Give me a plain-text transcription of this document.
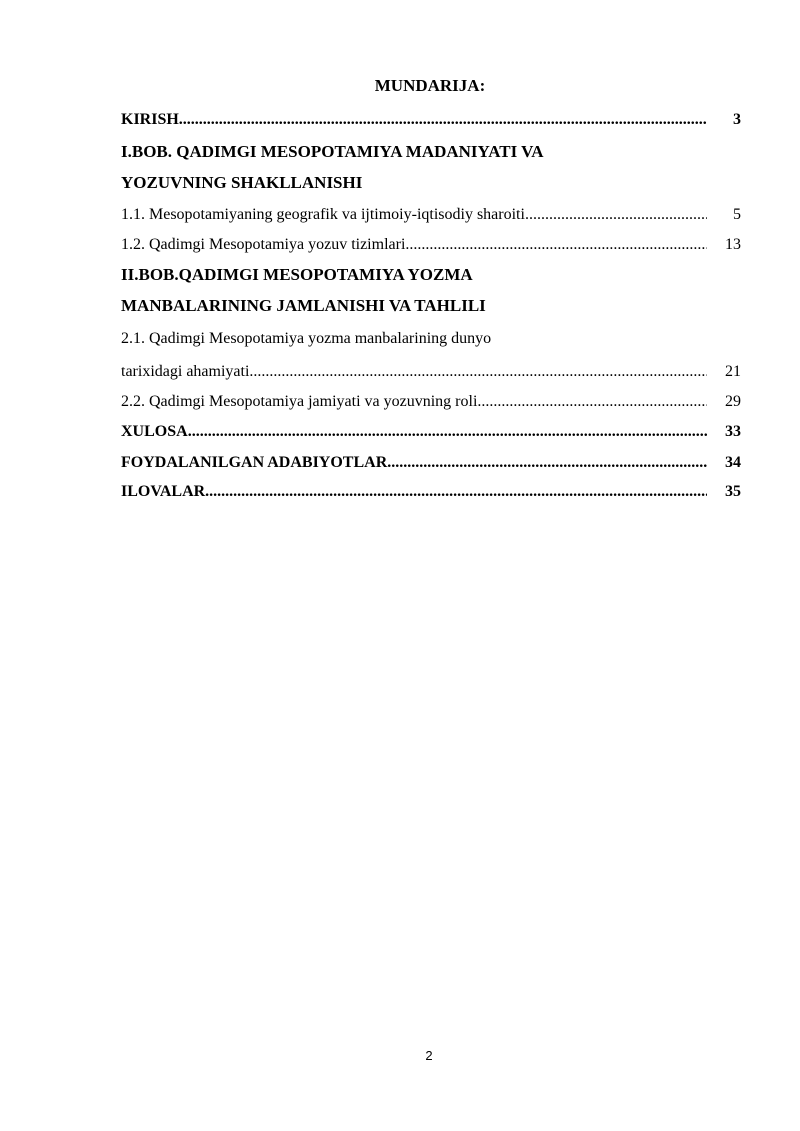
MUNDARIJA:
KIRISH .....	3
I.BOB. QADIMGI MESOPOTAMIYA MADANIYATI VA
YOZUVNING SHAKLLANISHI
1.1. Mesopotamiyaning geografik va ijtimoiy-iqtisodiy sharoiti .....	5
1.2. Qadimgi Mesopotamiya yozuv tizimlari .....	13
II.BOB.QADIMGI MESOPOTAMIYA YOZMA
MANBALARINING JAMLANISHI VA TAHLILI
2.1. Qadimgi Mesopotamiya yozma manbalarining dunyo
tarixidagi ahamiyati .....	21
2.2. Qadimgi Mesopotamiya jamiyati va yozuvning roli .....	29
XULOSA .....	33
FOYDALANILGAN ADABIYOTLAR .....	34
ILOVALAR .....	35
2
